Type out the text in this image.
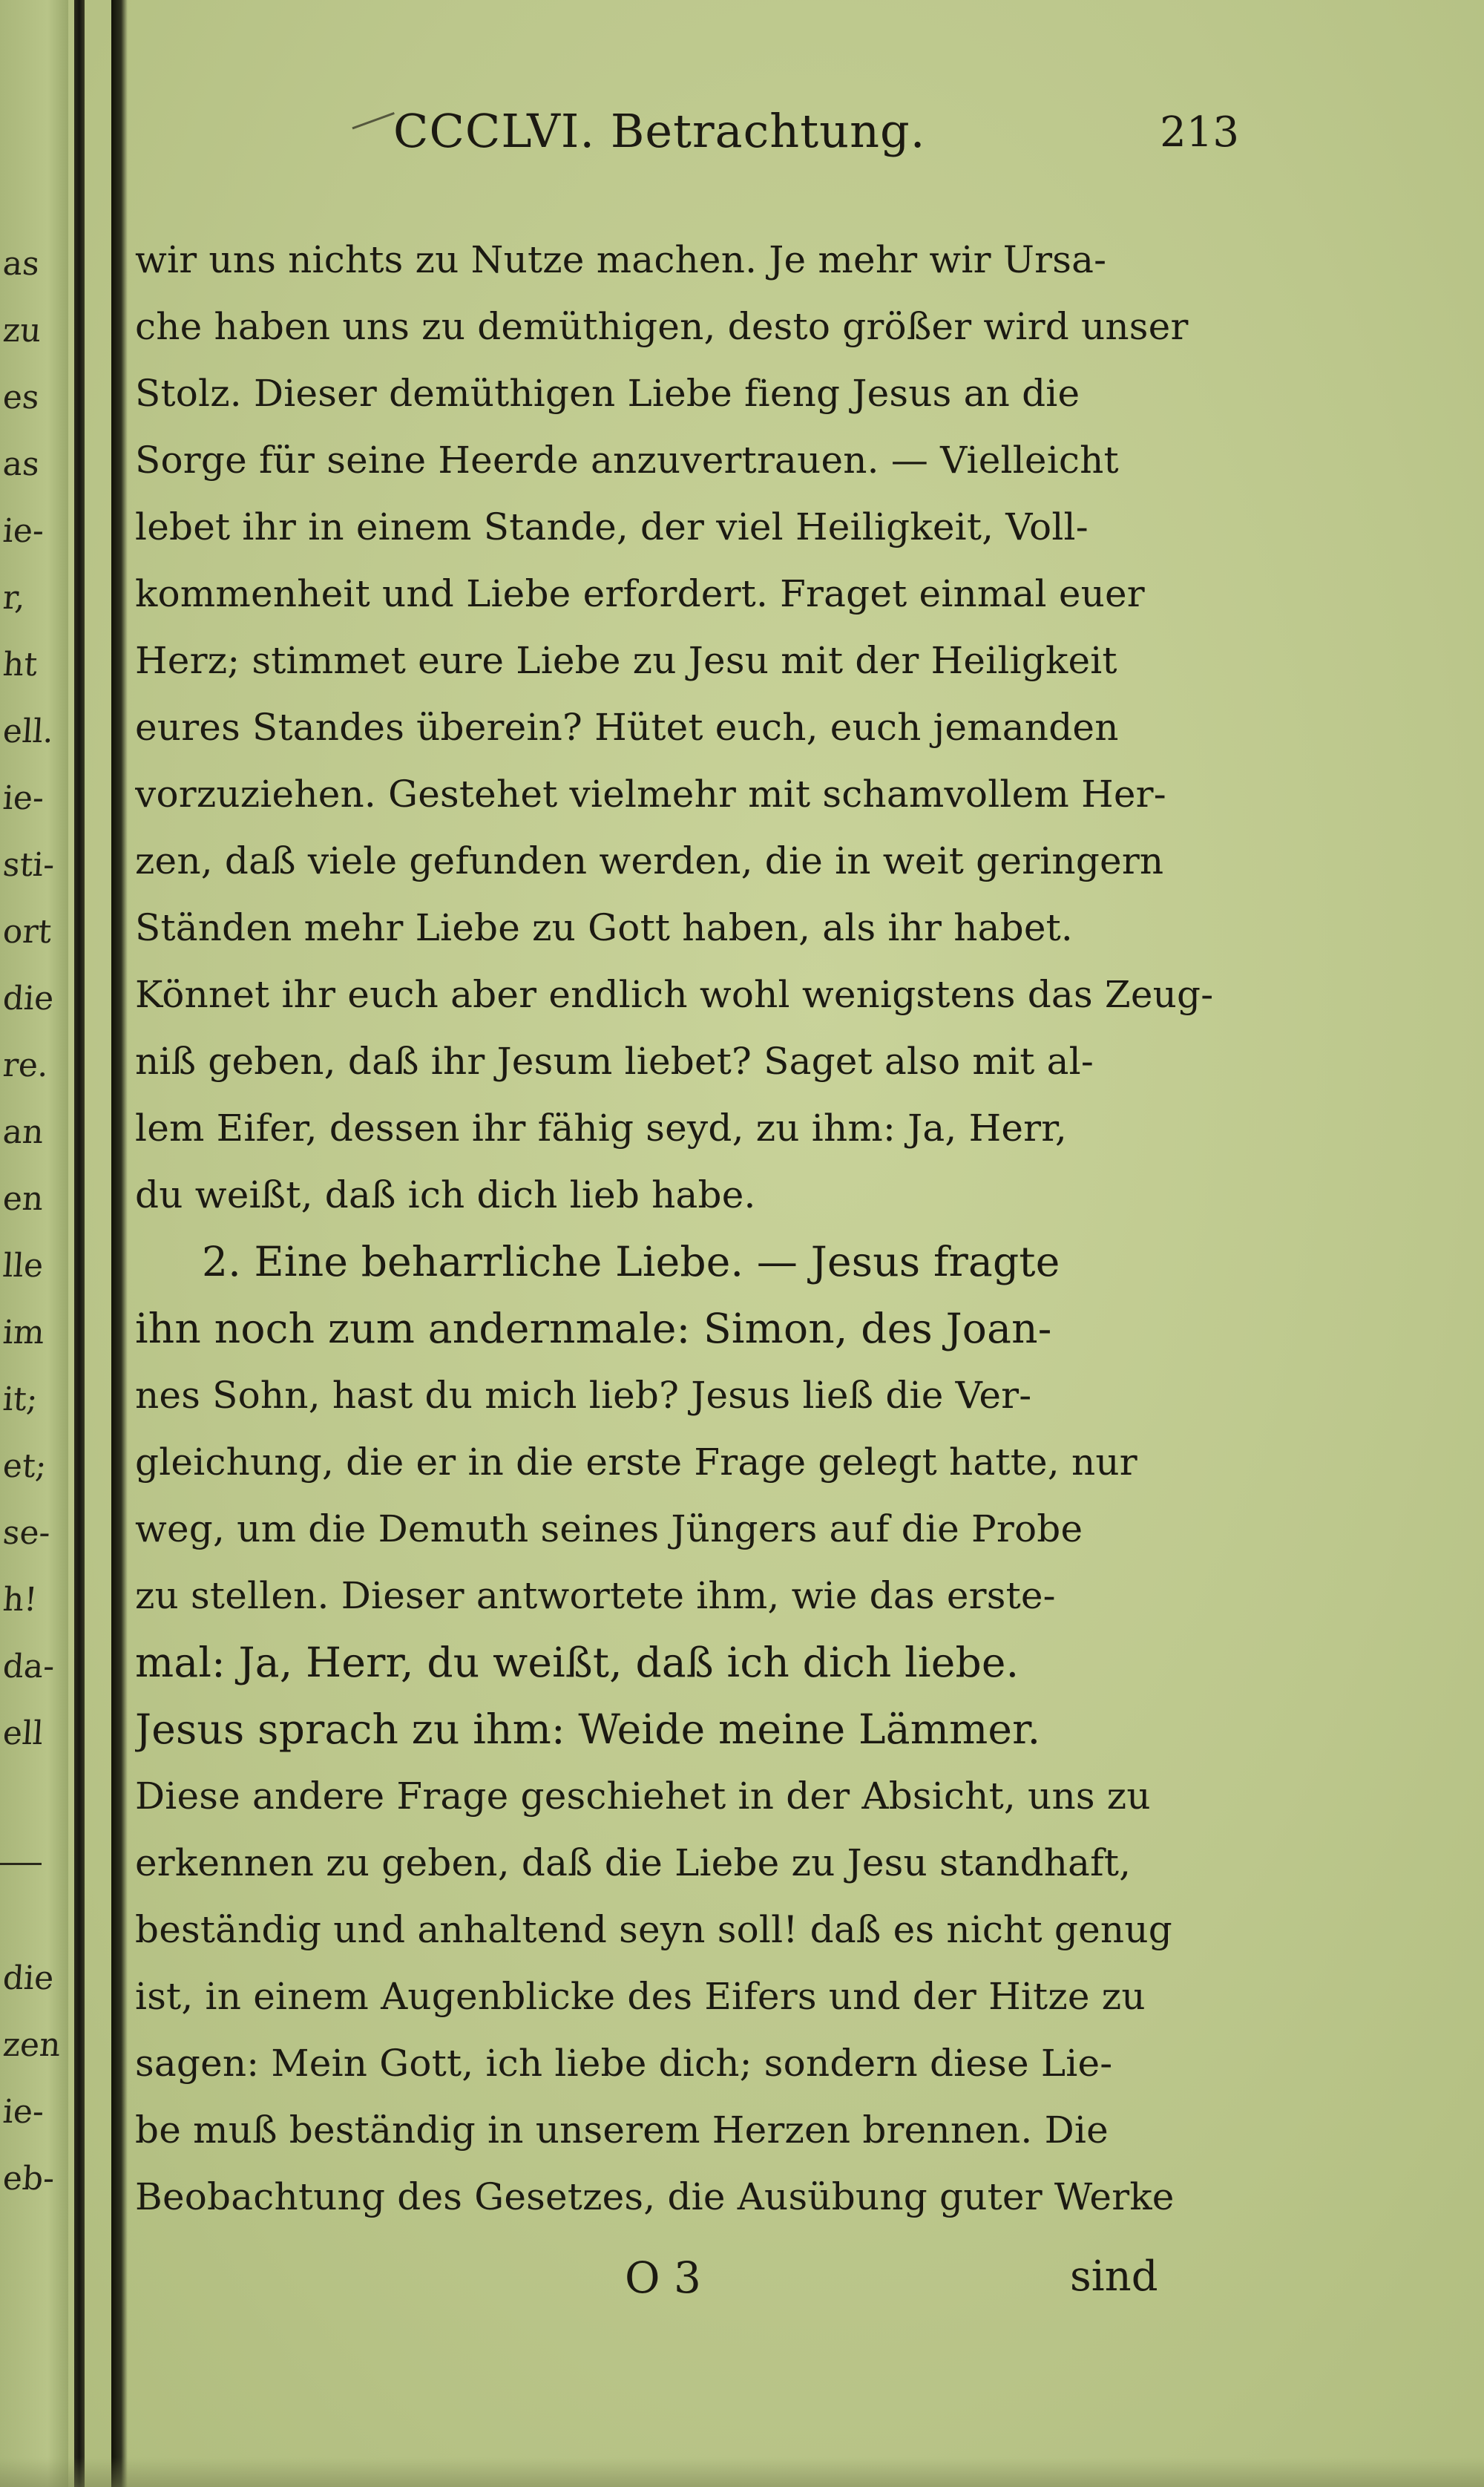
as
zu
es
as
ie-
r,
ht
ell.
ie-
sti-
ort
die
re.
an
en
lle
im
it;
et;
se-
h!
da-
ell
die
zen
ie-
eb-
CCCLVI. Betrachtung.	213
wir uns nichts zu Nutze machen. Je mehr wir Ursa-
che haben uns zu demüthigen, desto größer wird unser
Stolz. Dieser demüthigen Liebe fieng Jesus an die
Sorge für seine Heerde anzuvertrauen. — Vielleicht
lebet ihr in einem Stande, der viel Heiligkeit, Voll-
kommenheit und Liebe erfordert. Fraget einmal euer
Herz; stimmet eure Liebe zu Jesu mit der Heiligkeit
eures Standes überein? Hütet euch, euch jemanden
vorzuziehen. Gestehet vielmehr mit schamvollem Her-
zen, daß viele gefunden werden, die in weit geringern
Ständen mehr Liebe zu Gott haben, als ihr habet.
Könnet ihr euch aber endlich wohl wenigstens das Zeug-
niß geben, daß ihr Jesum liebet? Saget also mit al-
lem Eifer, dessen ihr fähig seyd, zu ihm: Ja, Herr,
du weißt, daß ich dich lieb habe.
2. Eine beharrliche Liebe. — Jesus fragte
ihn noch zum andernmale: Simon, des Joan-
nes Sohn, hast du mich lieb? Jesus ließ die Ver-
gleichung, die er in die erste Frage gelegt hatte, nur
weg, um die Demuth seines Jüngers auf die Probe
zu stellen. Dieser antwortete ihm, wie das erste-
mal: Ja, Herr, du weißt, daß ich dich liebe.
Jesus sprach zu ihm: Weide meine Lämmer.
Diese andere Frage geschiehet in der Absicht, uns zu
erkennen zu geben, daß die Liebe zu Jesu standhaft,
beständig und anhaltend seyn soll! daß es nicht genug
ist, in einem Augenblicke des Eifers und der Hitze zu
sagen: Mein Gott, ich liebe dich; sondern diese Lie-
be muß beständig in unserem Herzen brennen. Die
Beobachtung des Gesetzes, die Ausübung guter Werke
O 3	sind
